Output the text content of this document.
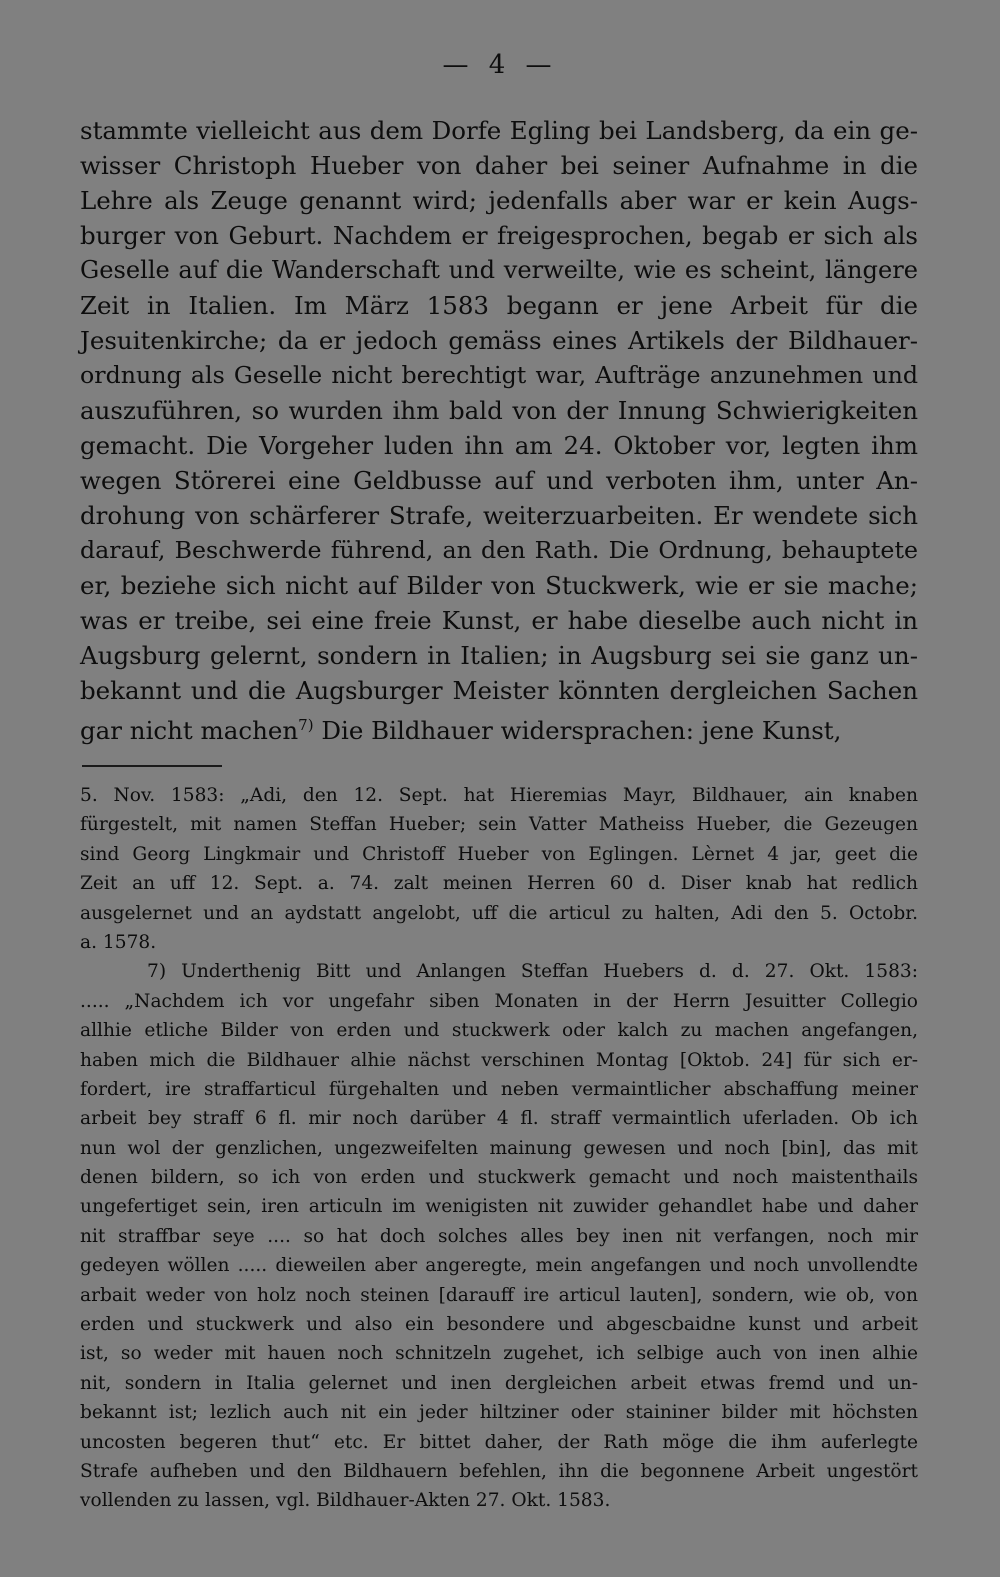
— 4 —
stammte vielleicht aus dem Dorfe Egling bei Landsberg, da ein ge-
wisser Christoph Hueber von daher bei seiner Aufnahme in die
Lehre als Zeuge genannt wird; jedenfalls aber war er kein Augs-
burger von Geburt. Nachdem er freigesprochen, begab er sich als
Geselle auf die Wanderschaft und verweilte, wie es scheint, längere
Zeit in Italien. Im März 1583 begann er jene Arbeit für die
Jesuitenkirche; da er jedoch gemäss eines Artikels der Bildhauer-
ordnung als Geselle nicht berechtigt war, Aufträge anzunehmen und
auszuführen, so wurden ihm bald von der Innung Schwierigkeiten
gemacht. Die Vorgeher luden ihn am 24. Oktober vor, legten ihm
wegen Störerei eine Geldbusse auf und verboten ihm, unter An-
drohung von schärferer Strafe, weiterzuarbeiten. Er wendete sich
darauf, Beschwerde führend, an den Rath. Die Ordnung, behauptete
er, beziehe sich nicht auf Bilder von Stuckwerk, wie er sie mache;
was er treibe, sei eine freie Kunst, er habe dieselbe auch nicht in
Augsburg gelernt, sondern in Italien; in Augsburg sei sie ganz un-
bekannt und die Augsburger Meister könnten dergleichen Sachen
gar nicht machen$^{7)}$ Die Bildhauer widersprachen: jene Kunst,
5. Nov. 1583: „Adi, den 12. Sept. hat Hieremias Mayr, Bildhauer, ain knaben
fürgestelt, mit namen Steffan Hueber; sein Vatter Matheiss Hueber, die Gezeugen
sind Georg Lingkmair und Christoff Hueber von Eglingen. Lèrnet 4 jar, geet die
Zeit an uff 12. Sept. a. 74. zalt meinen Herren 60 d. Diser knab hat redlich
ausgelernet und an aydstatt angelobt, uff die articul zu halten, Adi den 5. Octobr.
a. 1578.
7) Underthenig Bitt und Anlangen Steffan Huebers d. d. 27. Okt. 1583:
..... „Nachdem ich vor ungefahr siben Monaten in der Herrn Jesuitter Collegio
allhie etliche Bilder von erden und stuckwerk oder kalch zu machen angefangen,
haben mich die Bildhauer alhie nächst verschinen Montag [Oktob. 24] für sich er-
fordert, ire straffarticul fürgehalten und neben vermaintlicher abschaffung meiner
arbeit bey straff 6 fl. mir noch darüber 4 fl. straff vermaintlich uferladen. Ob ich
nun wol der genzlichen, ungezweifelten mainung gewesen und noch [bin], das mit
denen bildern, so ich von erden und stuckwerk gemacht und noch maistenthails
ungefertiget sein, iren articuln im wenigisten nit zuwider gehandlet habe und daher
nit straffbar seye .... so hat doch solches alles bey inen nit verfangen, noch mir
gedeyen wöllen ..... dieweilen aber angeregte, mein angefangen und noch unvollendte
arbait weder von holz noch steinen [darauff ire articul lauten], sondern, wie ob, von
erden und stuckwerk und also ein besondere und abgescbaidne kunst und arbeit
ist, so weder mit hauen noch schnitzeln zugehet, ich selbige auch von inen alhie
nit, sondern in Italia gelernet und inen dergleichen arbeit etwas fremd und un-
bekannt ist; lezlich auch nit ein jeder hiltziner oder staininer bilder mit höchsten
uncosten begeren thut“ etc. Er bittet daher, der Rath möge die ihm auferlegte
Strafe aufheben und den Bildhauern befehlen, ihn die begonnene Arbeit ungestört
vollenden zu lassen, vgl. Bildhauer-Akten 27. Okt. 1583.
